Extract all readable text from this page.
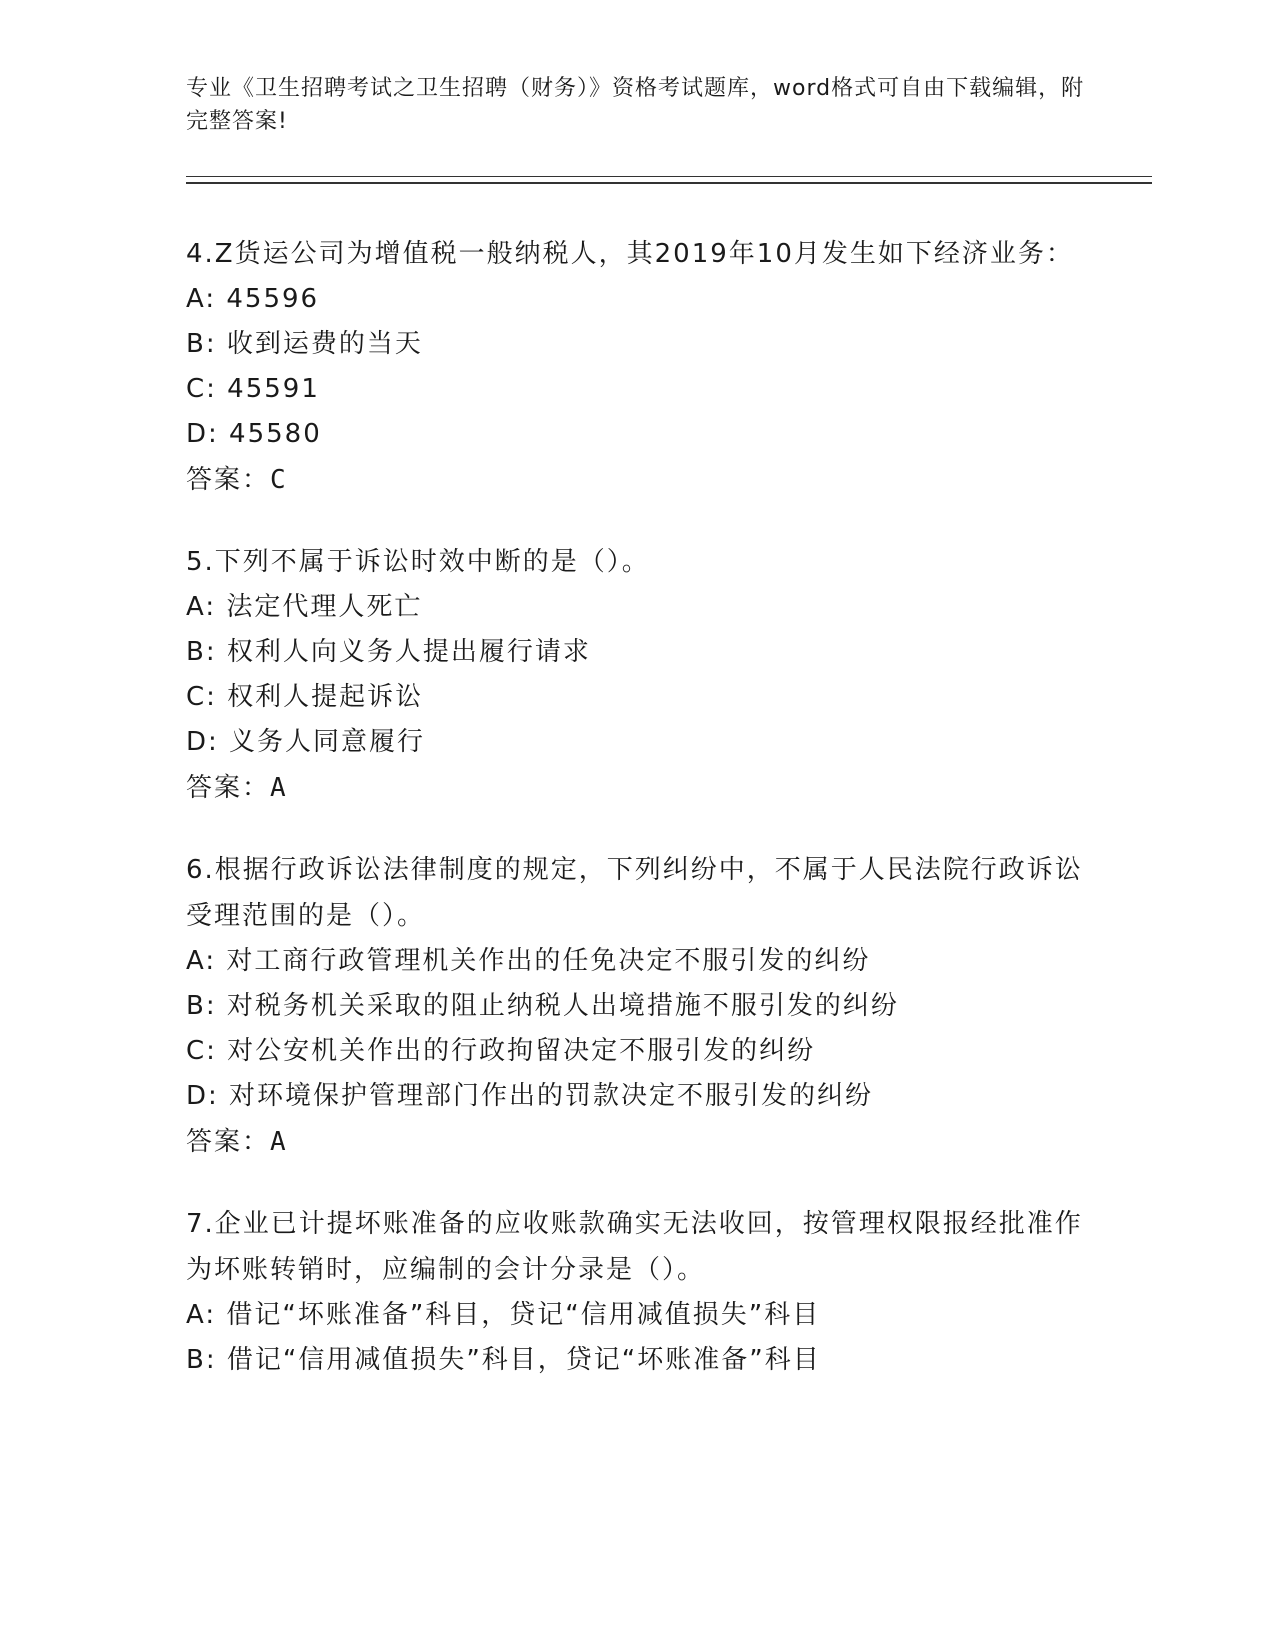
专业《卫生招聘考试之卫生招聘（财务）》资格考试题库，word格式可自由下载编辑，附完整答案!
4.Z货运公司为增值税一般纳税人，其2019年10月发生如下经济业务：
A: 45596
B: 收到运费的当天
C: 45591
D: 45580
答案：C
5.下列不属于诉讼时效中断的是（）。
A: 法定代理人死亡
B: 权利人向义务人提出履行请求
C: 权利人提起诉讼
D: 义务人同意履行
答案：A
6.根据行政诉讼法律制度的规定，下列纠纷中，不属于人民法院行政诉讼受理范围的是（）。
A: 对工商行政管理机关作出的任免决定不服引发的纠纷
B: 对税务机关采取的阻止纳税人出境措施不服引发的纠纷
C: 对公安机关作出的行政拘留决定不服引发的纠纷
D: 对环境保护管理部门作出的罚款决定不服引发的纠纷
答案：A
7.企业已计提坏账准备的应收账款确实无法收回，按管理权限报经批准作为坏账转销时，应编制的会计分录是（）。
A: 借记“坏账准备”科目，贷记“信用减值损失”科目
B: 借记“信用减值损失”科目，贷记“坏账准备”科目
